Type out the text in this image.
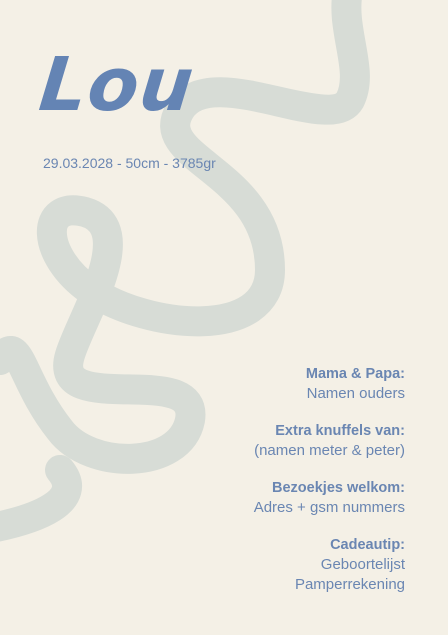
Lou
29.03.2028 - 50cm - 3785gr
Mama & Papa:
Namen ouders
Extra knuffels van:
(namen meter & peter)
Bezoekjes welkom:
Adres + gsm nummers
Cadeautip:
Geboortelijst
Pamperrekening
